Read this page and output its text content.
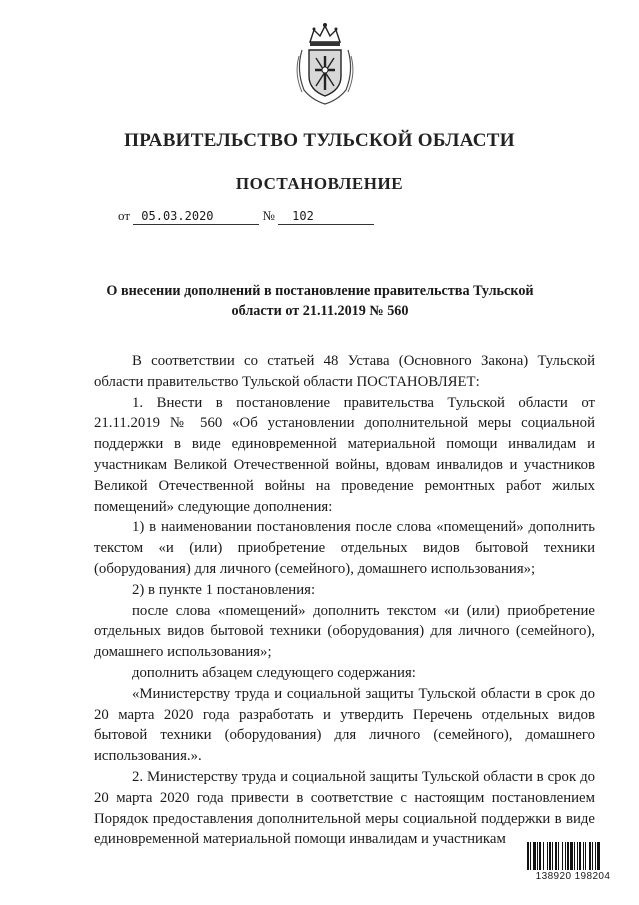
ПРАВИТЕЛЬСТВО ТУЛЬСКОЙ ОБЛАСТИ
ПОСТАНОВЛЕНИЕ
от 05.03.2020	№ 102
О внесении дополнений в постановление правительства Тульской области от 21.11.2019 № 560

В соответствии со статьей 48 Устава (Основного Закона) Тульской области правительство Тульской области ПОСТАНОВЛЯЕТ:

1. Внести в постановление правительства Тульской области от 21.11.2019 № 560 «Об установлении дополнительной меры социальной поддержки в виде единовременной материальной помощи инвалидам и участникам Великой Отечественной войны, вдовам инвалидов и участников Великой Отечественной войны на проведение ремонтных работ жилых помещений» следующие дополнения:

1) в наименовании постановления после слова «помещений» дополнить текстом «и (или) приобретение отдельных видов бытовой техники (оборудования) для личного (семейного), домашнего использования»;

2) в пункте 1 постановления:

после слова «помещений» дополнить текстом «и (или) приобретение отдельных видов бытовой техники (оборудования) для личного (семейного), домашнего использования»;

дополнить абзацем следующего содержания:

«Министерству труда и социальной защиты Тульской области в срок до 20 марта 2020 года разработать и утвердить Перечень отдельных видов бытовой техники (оборудования) для личного (семейного), домашнего использования.».

2. Министерству труда и социальной защиты Тульской области в срок до 20 марта 2020 года привести в соответствие с настоящим постановлением Порядок предоставления дополнительной меры социальной поддержки в виде единовременной материальной помощи инвалидам и участникам

138920 198204
